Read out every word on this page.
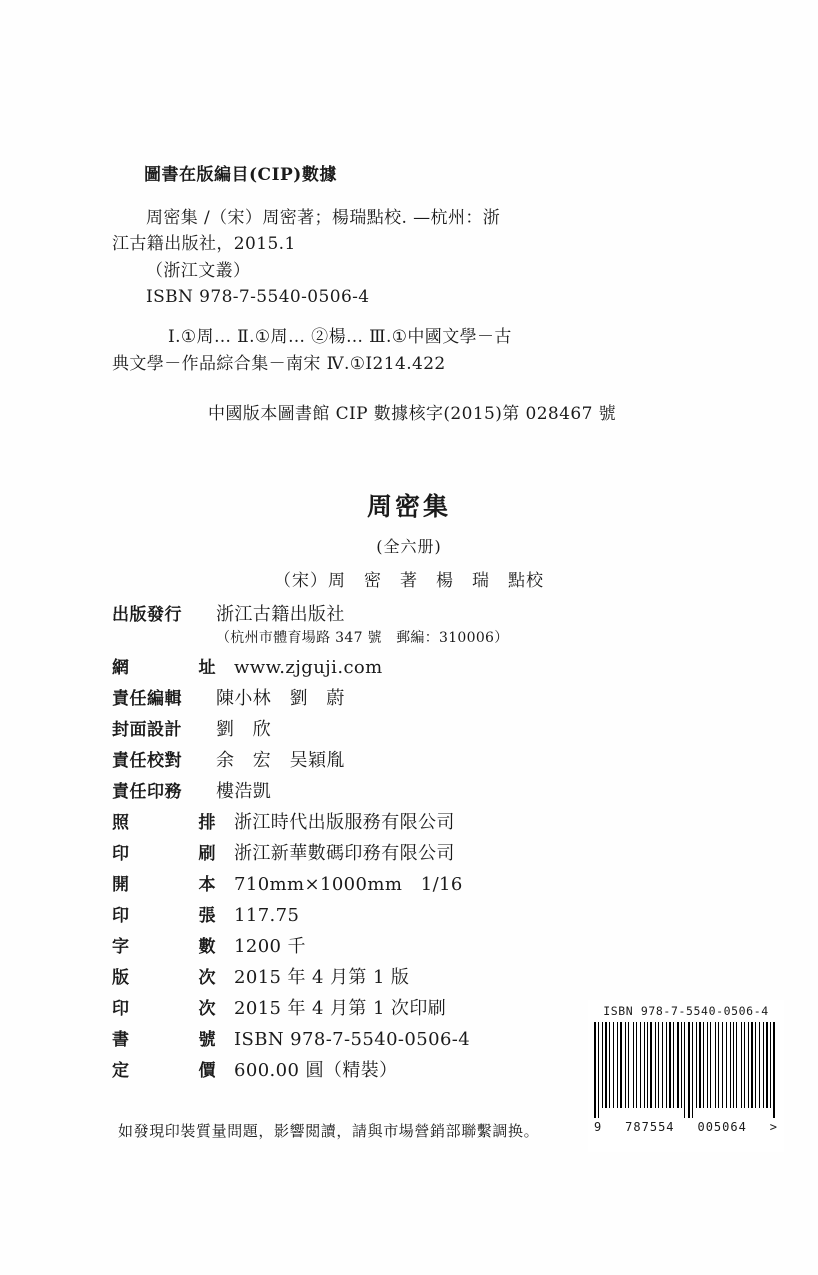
圖書在版編目(CIP)數據
周密集 /（宋）周密著；楊瑞點校. —杭州：浙
江古籍出版社，2015.1
（浙江文叢）
ISBN 978-7-5540-0506-4
Ⅰ.①周… Ⅱ.①周… ②楊… Ⅲ.①中國文學－古
典文學－作品綜合集－南宋 Ⅳ.①I214.422
中國版本圖書館 CIP 數據核字(2015)第 028467 號
周密集
(全六册)
（宋）周　密　著　楊　瑞　點校
出版發行	浙江古籍出版社
（杭州市體育場路 347 號　郵編：310006）
網	址 www.zjguji.com
責任編輯	陳小林　劉　蔚
封面設計	劉　欣
責任校對	余　宏　吴穎胤
責任印務	樓浩凱
照	排 浙江時代出版服務有限公司
印	刷 浙江新華數碼印務有限公司
開	本 710mm×1000mm　1/16
印	張 117.75
字	數 1200 千
版	次 2015 年 4 月第 1 版
印	次 2015 年 4 月第 1 次印刷
書	號 ISBN 978-7-5540-0506-4
定	價 600.00 圓（精裝）
如發現印裝質量問題，影響閲讀，請與市場營銷部聯繫調换。
ISBN 978-7-5540-0506-4
9 787554 005064 >
